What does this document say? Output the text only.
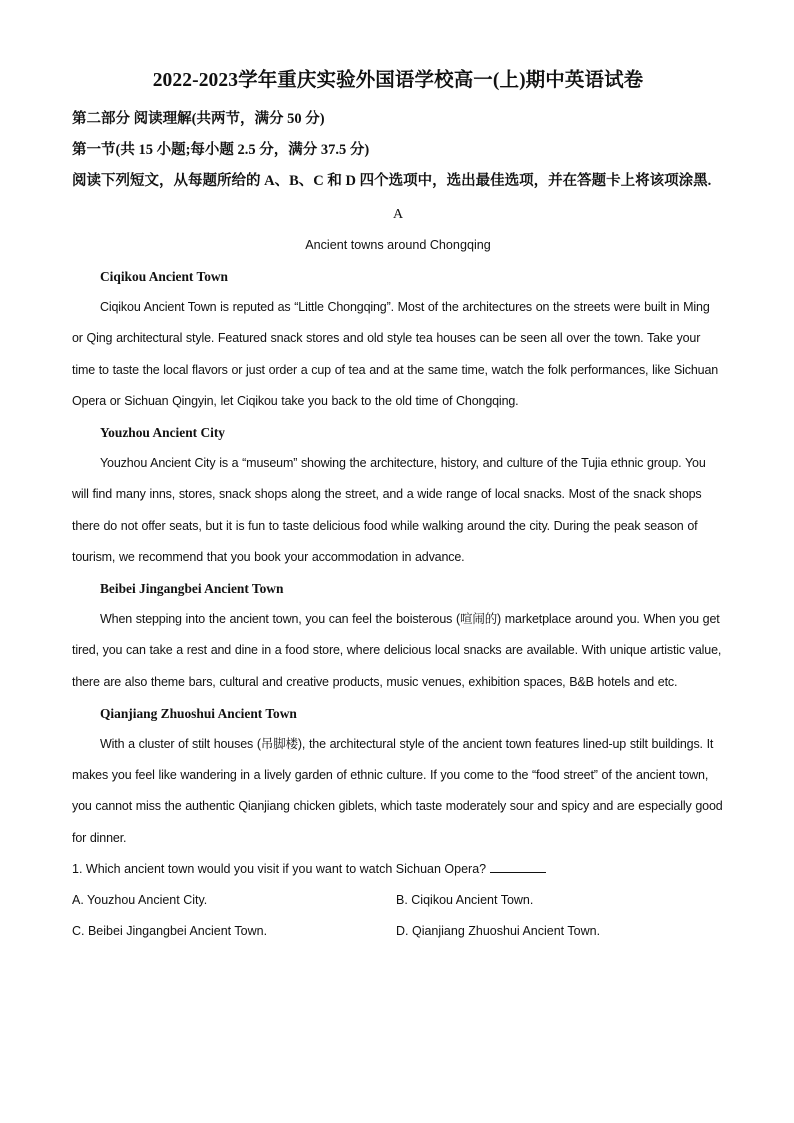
2022-2023学年重庆实验外国语学校高一(上)期中英语试卷

第二部分 阅读理解(共两节，满分 50 分)

第一节(共 15 小题;每小题 2.5 分，满分 37.5 分)

阅读下列短文，从每题所给的 A、B、C 和 D 四个选项中，选出最佳选项，并在答题卡上将该项涂黑.

A

Ancient towns around Chongqing

Ciqikou Ancient Town

Ciqikou Ancient Town is reputed as “Little Chongqing”. Most of the architectures on the streets were built in Ming or Qing architectural style. Featured snack stores and old style tea houses can be seen all over the town. Take your time to taste the local flavors or just order a cup of tea and at the same time, watch the folk performances, like Sichuan Opera or Sichuan Qingyin, let Ciqikou take you back to the old time of Chongqing.

Youzhou Ancient City

Youzhou Ancient City is a “museum” showing the architecture, history, and culture of the Tujia ethnic group. You will find many inns, stores, snack shops along the street, and a wide range of local snacks. Most of the snack shops there do not offer seats, but it is fun to taste delicious food while walking around the city. During the peak season of tourism, we recommend that you book your accommodation in advance.

Beibei Jingangbei Ancient Town

When stepping into the ancient town, you can feel the boisterous (喧闹的) marketplace around you. When you get tired, you can take a rest and dine in a food store, where delicious local snacks are available. With unique artistic value, there are also theme bars, cultural and creative products, music venues, exhibition spaces, B&B hotels and etc.

Qianjiang Zhuoshui Ancient Town

With a cluster of stilt houses (吊脚楼), the architectural style of the ancient town features lined-up stilt buildings. It makes you feel like wandering in a lively garden of ethnic culture. If you come to the “food street” of the ancient town, you cannot miss the authentic Qianjiang chicken giblets, which taste moderately sour and spicy and are especially good for dinner.

1. Which ancient town would you visit if you want to watch Sichuan Opera?

A. Youzhou Ancient City.	B. Ciqikou Ancient Town.
C. Beibei Jingangbei Ancient Town.	D. Qianjiang Zhuoshui Ancient Town.
